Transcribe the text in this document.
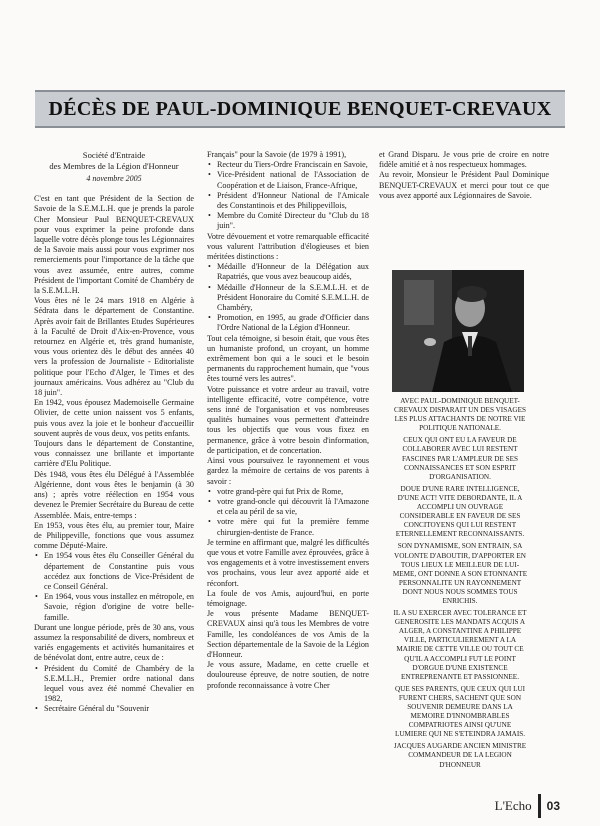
DÉCÈS DE PAUL-DOMINIQUE BENQUET-CREVAUX
Société d'Entraide
des Membres de la Légion d'Honneur
4 novembre 2005

C'est en tant que Président de la Section de Savoie de la S.E.M.L.H. que je prends la parole Cher Monsieur Paul BENQUET-CREVAUX pour vous exprimer la peine profonde dans laquelle votre décès plonge tous les Légionnaires de la Savoie mais aussi pour vous exprimer nos remerciements pour l'importance de la tâche que vous avez assumée, entre autres, comme Président de l'important Comité de Chambéry de la S.E.M.L.H.

Vous êtes né le 24 mars 1918 en Algérie à Sédrata dans le département de Constantine. Après avoir fait de Brillantes Etudes Supérieures à la Faculté de Droit d'Aix-en-Provence, vous retournez en Algérie et, très grand humaniste, vous vous orientez dès le début des années 40 vers la profession de Journaliste - Editorialiste politique pour l'Echo d'Alger, le Times et des journaux américains. Vous adhérez au "Club du 18 juin".

En 1942, vous épousez Mademoiselle Germaine Olivier, de cette union naissent vos 5 enfants, puis vous avez la joie et le bonheur d'accueillir souvent auprès de vous deux, vos petits enfants.

Toujours dans le département de Constantine, vous connaissez une brillante et importante carrière d'Elu Politique.

Dès 1948, vous êtes élu Délégué à l'Assemblée Algérienne, dont vous êtes le benjamin (à 30 ans) ; après votre réélection en 1954 vous devenez le Premier Secrétaire du Bureau de cette Assemblée. Mais, entre-temps :

En 1953, vous êtes élu, au premier tour, Maire de Philippeville, fonctions que vous assumez comme Député-Maire.

• En 1954 vous êtes élu Conseiller Général du département de Constantine puis vous accédez aux fonctions de Vice-Président de ce Conseil Général.
• En 1964, vous vous installez en métropole, en Savoie, région d'origine de votre belle-famille.

Durant une longue période, près de 30 ans, vous assumez la responsabilité de divers, nombreux et variés engagements et activités humanitaires et de bénévolat dont, entre autre, ceux de :

• Président du Comité de Chambéry de la S.E.M.L.H., Premier ordre national dans lequel vous avez été nommé Chevalier en 1982,
• Secrétaire Général du "Souvenir

Français" pour la Savoie (de 1979 à 1991),

• Recteur du Tiers-Ordre Franciscain en Savoie,
• Vice-Président national de l'Association de Coopération et de Liaison, France-Afrique,
• Président d'Honneur National de l'Amicale des Constantinois et des Philippevillois,
• Membre du Comité Directeur du "Club du 18 juin".

Votre dévouement et votre remarquable efficacité vous valurent l'attribution d'élogieuses et bien méritées distinctions :

• Médaille d'Honneur de la Délégation aux Rapatriés, que vous avez beaucoup aidés,
• Médaille d'Honneur de la S.E.M.L.H. et de Président Honoraire du Comité S.E.M.L.H. de Chambéry,
• Promotion, en 1995, au grade d'Officier dans l'Ordre National de la Légion d'Honneur.

Tout cela témoigne, si besoin était, que vous êtes un humaniste profond, un croyant, un homme extrêmement bon qui a le souci et le besoin permanents du rapprochement humain, que "vous êtes tourné vers les autres".

Votre puissance et votre ardeur au travail, votre intelligente efficacité, votre compétence, votre sens inné de l'organisation et vos nombreuses qualités humaines vous permettent d'atteindre tous les objectifs que vous vous fixez en permanence, grâce à votre besoin d'information, de participation, et de concertation.

Ainsi vous poursuivez le rayonnement et vous gardez la mémoire de certains de vos parents à savoir :

• votre grand-père qui fut Prix de Rome,
• votre grand-oncle qui découvrit là l'Amazone et cela au péril de sa vie,
• votre mère qui fut la première femme chirurgien-dentiste de France.

Je termine en affirmant que, malgré les difficultés que vous et votre Famille avez éprouvées, grâce à vos engagements et à votre investissement envers vos prochains, vous leur avez apporté aide et réconfort.

La foule de vos Amis, aujourd'hui, en porte témoignage.

Je vous présente Madame BENQUET-CREVAUX ainsi qu'à tous les Membres de votre Famille, les condoléances de vos Amis de la Section départementale de la Savoie de la Légion d'Honneur.

Je vous assure, Madame, en cette cruelle et douloureuse épreuve, de notre soutien, de notre profonde reconnaissance à votre Cher

et Grand Disparu. Je vous prie de croire en notre fidèle amitié et à nos respectueux hommages.

Au revoir, Monsieur le Président Paul Dominique BENQUET-CREVAUX et merci pour tout ce que vous avez apporté aux Légionnaires de Savoie.

AVEC PAUL-DOMINIQUE BENQUET-CREVAUX DISPARAIT UN DES VISAGES LES PLUS ATTACHANTS DE NOTRE VIE POLITIQUE NATIONALE.

CEUX QUI ONT EU LA FAVEUR DE COLLABORER AVEC LUI RESTENT FASCINES PAR L'AMPLEUR DE SES CONNAISSANCES ET SON ESPRIT D'ORGANISATION.

DOUE D'UNE RARE INTELLIGENCE, D'UNE ACT! VITE DEBORDANTE, IL A ACCOMPLI UN OUVRAGE CONSIDERABLE EN FAVEUR DE SES CONCITOYENS QUI LUI RESTENT ETERNELLEMENT RECONNAISSANTS.

SON DYNAMISME, SON ENTRAIN, SA VOLONTE D'ABOUTIR, D'APPORTER EN TOUS LIEUX LE MEILLEUR DE LUI-MEME, ONT DONNE A SON ETONNANTE PERSONNALITE UN RAYONNEMENT DONT NOUS NOUS SOMMES TOUS ENRICHIS.

IL A SU EXERCER AVEC TOLERANCE ET GENEROSITE LES MANDATS ACQUIS A ALGER, A CONSTANTINE A PHILIPPE VILLE, PARTICULIEREMENT A LA MAIRIE DE CETTE VILLE OU TOUT CE QU'IL A ACCOMPLI FUT LE POINT D'ORGUE D'UNE EXISTENCE ENTREPRENANTE ET PASSIONNEE.

QUE SES PARENTS, QUE CEUX QUI LUI FURENT CHERS, SACHENT QUE SON SOUVENIR DEMEURE DANS LA MEMOIRE D'INNOMBRABLES COMPATRIOTES AINSI QU'UNE LUMIERE QUI NE S'ETEINDRA JAMAIS.

JACQUES AUGARDE ANCIEN MINISTRE COMMANDEUR DE LA LEGION D'HONNEUR

L'Echo 03
